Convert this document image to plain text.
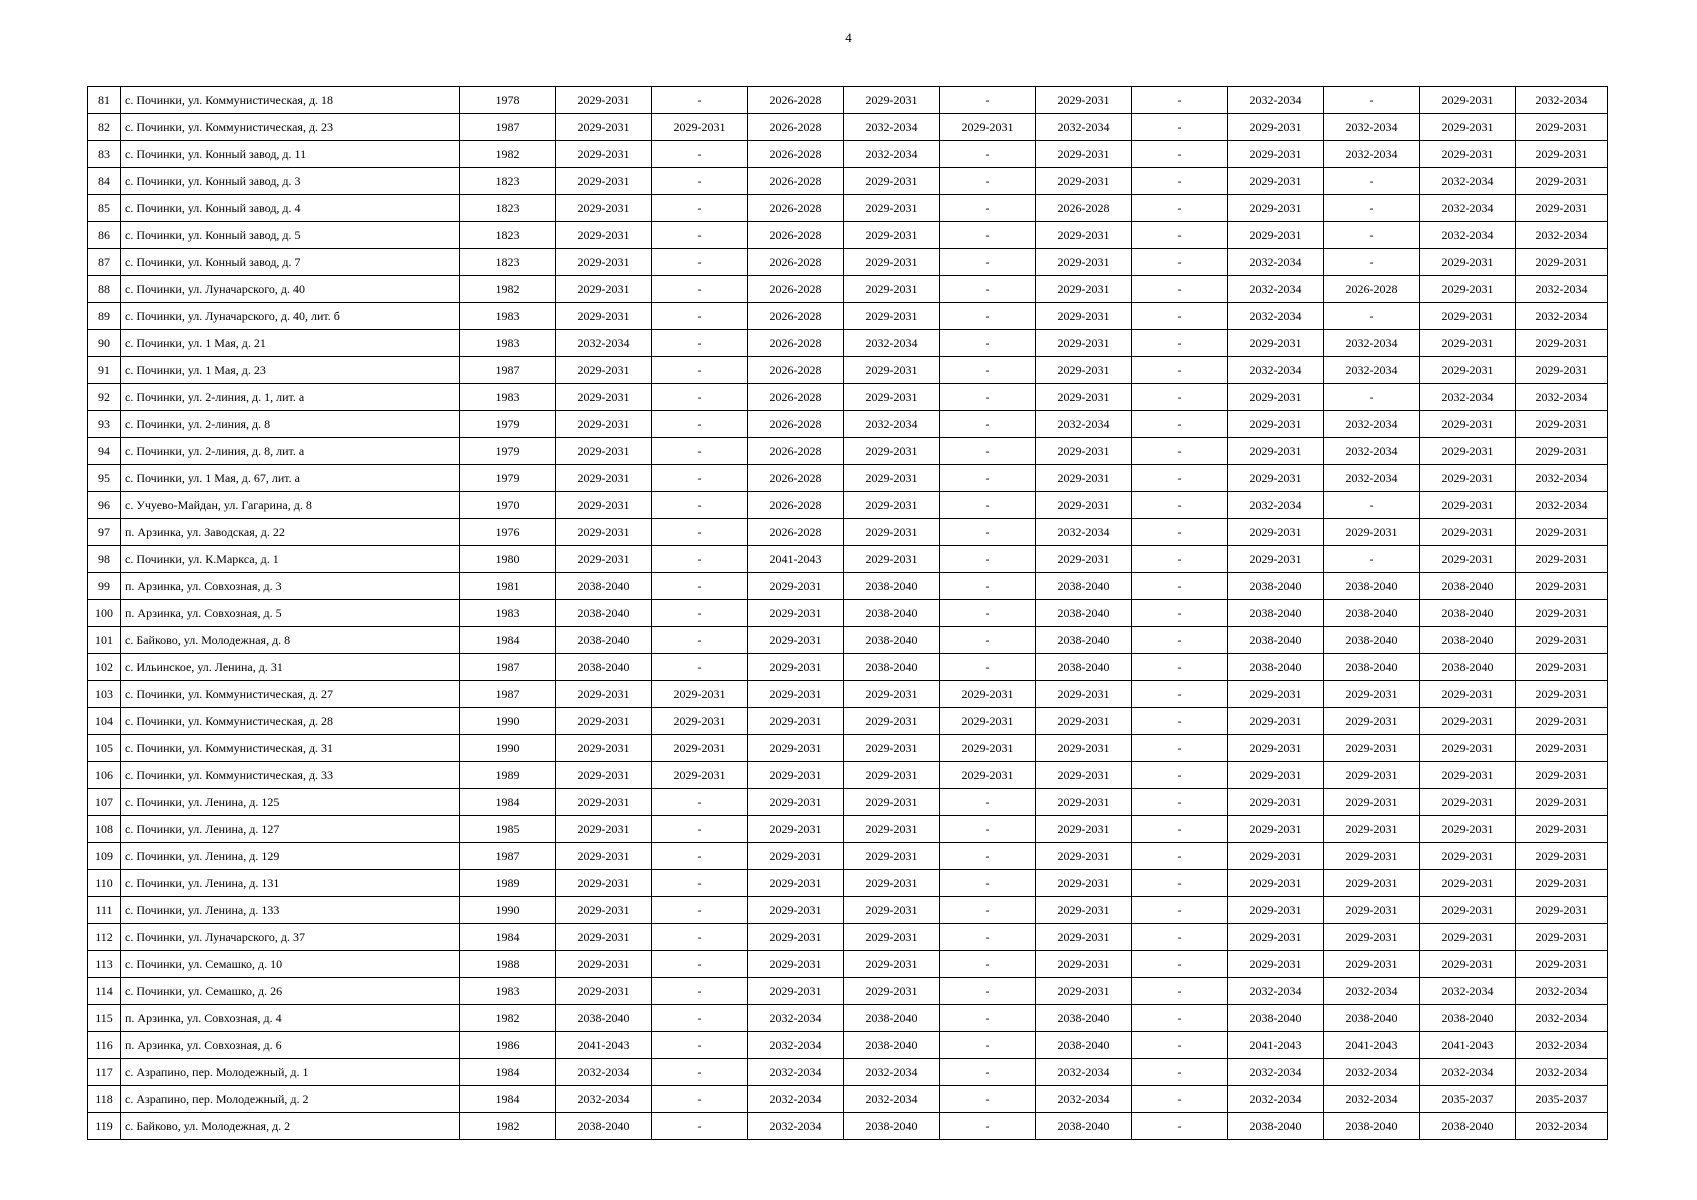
4
81	с. Починки, ул. Коммунистическая, д. 18	1978	2029-2031	-	2026-2028	2029-2031	-	2029-2031	-	2032-2034	-	2029-2031	2032-2034
82	с. Починки, ул. Коммунистическая, д. 23	1987	2029-2031	2029-2031	2026-2028	2032-2034	2029-2031	2032-2034	-	2029-2031	2032-2034	2029-2031	2029-2031
83	с. Починки, ул. Конный завод, д. 11	1982	2029-2031	-	2026-2028	2032-2034	-	2029-2031	-	2029-2031	2032-2034	2029-2031	2029-2031
84	с. Починки, ул. Конный завод, д. 3	1823	2029-2031	-	2026-2028	2029-2031	-	2029-2031	-	2029-2031	-	2032-2034	2029-2031
85	с. Починки, ул. Конный завод, д. 4	1823	2029-2031	-	2026-2028	2029-2031	-	2026-2028	-	2029-2031	-	2032-2034	2029-2031
86	с. Починки, ул. Конный завод, д. 5	1823	2029-2031	-	2026-2028	2029-2031	-	2029-2031	-	2029-2031	-	2032-2034	2032-2034
87	с. Починки, ул. Конный завод, д. 7	1823	2029-2031	-	2026-2028	2029-2031	-	2029-2031	-	2032-2034	-	2029-2031	2029-2031
88	с. Починки, ул. Луначарского, д. 40	1982	2029-2031	-	2026-2028	2029-2031	-	2029-2031	-	2032-2034	2026-2028	2029-2031	2032-2034
89	с. Починки, ул. Луначарского, д. 40, лит. б	1983	2029-2031	-	2026-2028	2029-2031	-	2029-2031	-	2032-2034	-	2029-2031	2032-2034
90	с. Починки, ул. 1 Мая, д. 21	1983	2032-2034	-	2026-2028	2032-2034	-	2029-2031	-	2029-2031	2032-2034	2029-2031	2029-2031
91	с. Починки, ул. 1 Мая, д. 23	1987	2029-2031	-	2026-2028	2029-2031	-	2029-2031	-	2032-2034	2032-2034	2029-2031	2029-2031
92	с. Починки, ул. 2-линия, д. 1, лит. а	1983	2029-2031	-	2026-2028	2029-2031	-	2029-2031	-	2029-2031	-	2032-2034	2032-2034
93	с. Починки, ул. 2-линия, д. 8	1979	2029-2031	-	2026-2028	2032-2034	-	2032-2034	-	2029-2031	2032-2034	2029-2031	2029-2031
94	с. Починки, ул. 2-линия, д. 8, лит. а	1979	2029-2031	-	2026-2028	2029-2031	-	2029-2031	-	2029-2031	2032-2034	2029-2031	2029-2031
95	с. Починки, ул. 1 Мая, д. 67, лит. а	1979	2029-2031	-	2026-2028	2029-2031	-	2029-2031	-	2029-2031	2032-2034	2029-2031	2032-2034
96	с. Учуево-Майдан, ул. Гагарина, д. 8	1970	2029-2031	-	2026-2028	2029-2031	-	2029-2031	-	2032-2034	-	2029-2031	2032-2034
97	п. Арзинка, ул. Заводская, д. 22	1976	2029-2031	-	2026-2028	2029-2031	-	2032-2034	-	2029-2031	2029-2031	2029-2031	2029-2031
98	с. Починки, ул. К.Маркса, д. 1	1980	2029-2031	-	2041-2043	2029-2031	-	2029-2031	-	2029-2031	-	2029-2031	2029-2031
99	п. Арзинка, ул. Совхозная, д. 3	1981	2038-2040	-	2029-2031	2038-2040	-	2038-2040	-	2038-2040	2038-2040	2038-2040	2029-2031
100	п. Арзинка, ул. Совхозная, д. 5	1983	2038-2040	-	2029-2031	2038-2040	-	2038-2040	-	2038-2040	2038-2040	2038-2040	2029-2031
101	с. Байково, ул. Молодежная, д. 8	1984	2038-2040	-	2029-2031	2038-2040	-	2038-2040	-	2038-2040	2038-2040	2038-2040	2029-2031
102	с. Ильинское, ул. Ленина, д. 31	1987	2038-2040	-	2029-2031	2038-2040	-	2038-2040	-	2038-2040	2038-2040	2038-2040	2029-2031
103	с. Починки, ул. Коммунистическая, д. 27	1987	2029-2031	2029-2031	2029-2031	2029-2031	2029-2031	2029-2031	-	2029-2031	2029-2031	2029-2031	2029-2031
104	с. Починки, ул. Коммунистическая, д. 28	1990	2029-2031	2029-2031	2029-2031	2029-2031	2029-2031	2029-2031	-	2029-2031	2029-2031	2029-2031	2029-2031
105	с. Починки, ул. Коммунистическая, д. 31	1990	2029-2031	2029-2031	2029-2031	2029-2031	2029-2031	2029-2031	-	2029-2031	2029-2031	2029-2031	2029-2031
106	с. Починки, ул. Коммунистическая, д. 33	1989	2029-2031	2029-2031	2029-2031	2029-2031	2029-2031	2029-2031	-	2029-2031	2029-2031	2029-2031	2029-2031
107	с. Починки, ул. Ленина, д. 125	1984	2029-2031	-	2029-2031	2029-2031	-	2029-2031	-	2029-2031	2029-2031	2029-2031	2029-2031
108	с. Починки, ул. Ленина, д. 127	1985	2029-2031	-	2029-2031	2029-2031	-	2029-2031	-	2029-2031	2029-2031	2029-2031	2029-2031
109	с. Починки, ул. Ленина, д. 129	1987	2029-2031	-	2029-2031	2029-2031	-	2029-2031	-	2029-2031	2029-2031	2029-2031	2029-2031
110	с. Починки, ул. Ленина, д. 131	1989	2029-2031	-	2029-2031	2029-2031	-	2029-2031	-	2029-2031	2029-2031	2029-2031	2029-2031
111	с. Починки, ул. Ленина, д. 133	1990	2029-2031	-	2029-2031	2029-2031	-	2029-2031	-	2029-2031	2029-2031	2029-2031	2029-2031
112	с. Починки, ул. Луначарского, д. 37	1984	2029-2031	-	2029-2031	2029-2031	-	2029-2031	-	2029-2031	2029-2031	2029-2031	2029-2031
113	с. Починки, ул. Семашко, д. 10	1988	2029-2031	-	2029-2031	2029-2031	-	2029-2031	-	2029-2031	2029-2031	2029-2031	2029-2031
114	с. Починки, ул. Семашко, д. 26	1983	2029-2031	-	2029-2031	2029-2031	-	2029-2031	-	2032-2034	2032-2034	2032-2034	2032-2034
115	п. Арзинка, ул. Совхозная, д. 4	1982	2038-2040	-	2032-2034	2038-2040	-	2038-2040	-	2038-2040	2038-2040	2038-2040	2032-2034
116	п. Арзинка, ул. Совхозная, д. 6	1986	2041-2043	-	2032-2034	2038-2040	-	2038-2040	-	2041-2043	2041-2043	2041-2043	2032-2034
117	с. Азрапино, пер. Молодежный, д. 1	1984	2032-2034	-	2032-2034	2032-2034	-	2032-2034	-	2032-2034	2032-2034	2032-2034	2032-2034
118	с. Азрапино, пер. Молодежный, д. 2	1984	2032-2034	-	2032-2034	2032-2034	-	2032-2034	-	2032-2034	2032-2034	2035-2037	2035-2037
119	с. Байково, ул. Молодежная, д. 2	1982	2038-2040	-	2032-2034	2038-2040	-	2038-2040	-	2038-2040	2038-2040	2038-2040	2032-2034
